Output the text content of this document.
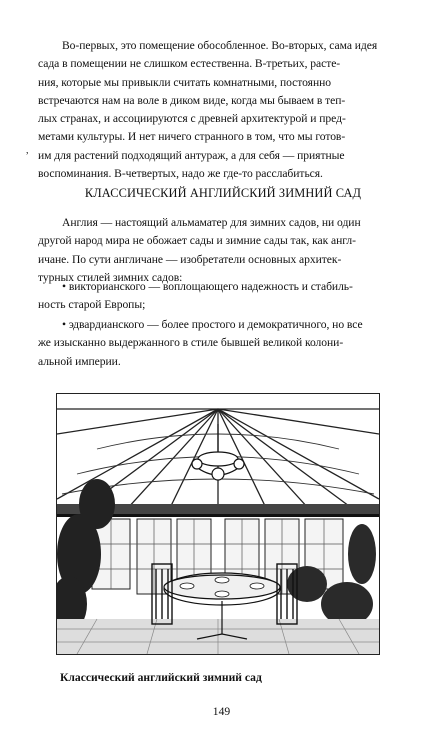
Во-первых, это помещение обособленное. Во-вторых, сама идея
сада в помещении не слишком естественна. В-третьих, расте-
ния, которые мы привыкли считать комнатными, постоянно
встречаются нам на воле в диком виде, когда мы бываем в теп-
лых странах, и ассоциируются с древней архитектурой и пред-
метами культуры. И нет ничего странного в том, что мы готов-
им для растений подходящий антураж, а для себя — приятные
воспоминания. В-четвертых, надо же где-то расслабиться.
,
КЛАССИЧЕСКИЙ АНГЛИЙСКИЙ ЗИМНИЙ САД
Англия — настоящий альмаматер для зимних садов, ни один
другой народ мира не обожает сады и зимние сады так, как англ-
ичане. По сути англичане — изобретатели основных архитек-
турных стилей зимних садов:
• викторианского — воплощающего надежность и стабиль-
ность старой Европы;
• эдвардианского — более простого и демократичного, но все
же изысканно выдержанного в стиле бывшей великой колони-
альной империи.
Классический английский зимний сад
149
